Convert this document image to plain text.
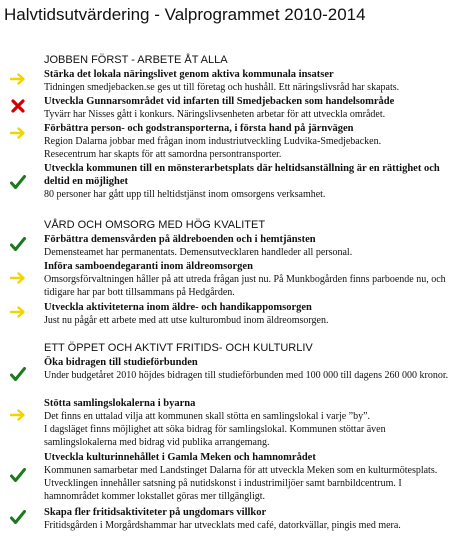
Halvtidsutvärdering - Valprogrammet 2010-2014
JOBBEN FÖRST - ARBETE ÅT ALLA
Stärka det lokala näringslivet genom aktiva kommunala insatser
Tidningen smedjebacken.se ges ut till företag och hushåll. Ett näringslivsråd har skapats.
Utveckla Gunnarsområdet vid infarten till Smedjebacken som handelsområde
Tyvärr har Nisses gått i konkurs. Näringslivsenheten arbetar för att utveckla området.
Förbättra person- och godstransporterna, i första hand på järnvägen
Region Dalarna jobbar med frågan inom industriutveckling Ludvika-Smedjebacken.
Resecentrum har skapts för att samordna persontransporter.
Utveckla kommunen till en mönsterarbetsplats där heltidsanställning är en rättighet och deltid en möjlighet
80 personer har gått upp till heltidstjänst inom omsorgens verksamhet.
VÅRD OCH OMSORG MED HÖG KVALITET
Förbättra demensvården på äldreboenden och i hemtjänsten
Demensteamet har permanentats. Demensutvecklaren handleder all personal.
Införa samboendegaranti inom äldreomsorgen
Omsorgsförvaltningen håller på att utreda frågan just nu. På Munkbogården finns parboende nu, och tidigare har par bott tillsammans på Hedgården.
Utveckla aktiviteterna inom äldre- och handikappomsorgen
Just nu pågår ett arbete med att utse kulturombud inom äldreomsorgen.
ETT ÖPPET OCH AKTIVT FRITIDS- OCH KULTURLIV
Öka bidragen till studieförbunden
Under budgetåret 2010 höjdes bidragen till studieförbunden med 100 000 till dagens 260 000 kronor.
Stötta samlingslokalerna i byarna
Det finns en uttalad vilja att kommunen skall stötta en samlingslokal i varje ”by”.
I dagsläget finns möjlighet att söka bidrag för samlingslokal. Kommunen stöttar även samlingslokalerna med bidrag vid publika arrangemang.
Utveckla kulturinnehållet i Gamla Meken och hamnområdet
Kommunen samarbetar med Landstinget Dalarna för att utveckla Meken som en kulturmötesplats. Utvecklingen innehåller satsning på nutidskonst i industrimiljöer samt barnbildcentrum. I hamnområdet kommer lokstallet göras mer tillgängligt.
Skapa fler fritidsaktiviteter på ungdomars villkor
Fritidsgården i Morgårdshammar har utvecklats med café, datorkvällar, pingis med mera.
